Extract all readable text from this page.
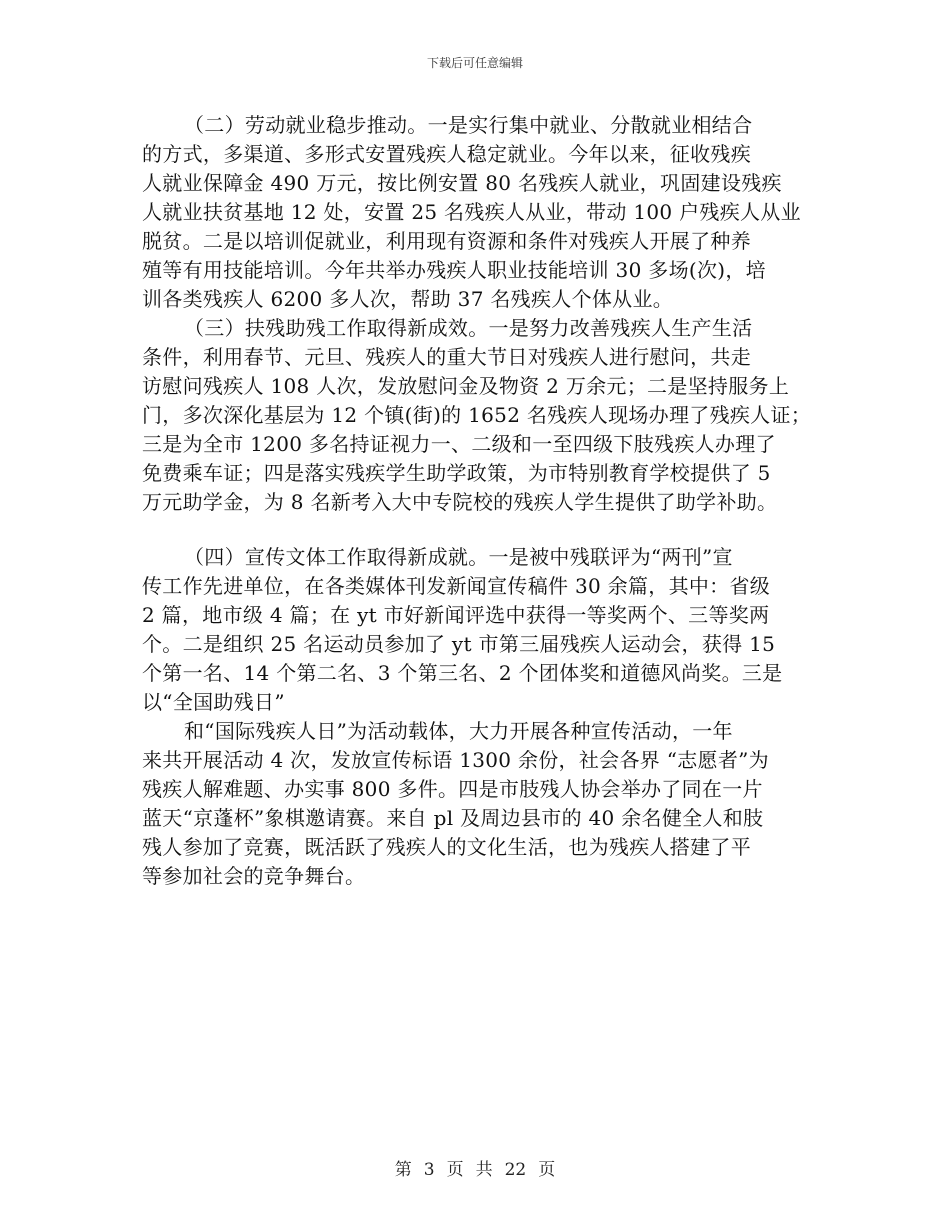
下载后可任意编辑
（二）劳动就业稳步推动。一是实行集中就业、分散就业相结合
的方式，多渠道、多形式安置残疾人稳定就业。今年以来，征收残疾
人就业保障金 490 万元，按比例安置 80 名残疾人就业，巩固建设残疾
人就业扶贫基地 12 处，安置 25 名残疾人从业，带动 100 户残疾人从业
脱贫。二是以培训促就业，利用现有资源和条件对残疾人开展了种养
殖等有用技能培训。今年共举办残疾人职业技能培训 30 多场(次)，培
训各类残疾人 6200 多人次，帮助 37 名残疾人个体从业。
（三）扶残助残工作取得新成效。一是努力改善残疾人生产生活
条件，利用春节、元旦、残疾人的重大节日对残疾人进行慰问，共走
访慰问残疾人 108 人次，发放慰问金及物资 2 万余元；二是坚持服务上
门，多次深化基层为 12 个镇(街)的 1652 名残疾人现场办理了残疾人证；
三是为全市 1200 多名持证视力一、二级和一至四级下肢残疾人办理了
免费乘车证；四是落实残疾学生助学政策，为市特别教育学校提供了 5
万元助学金，为 8 名新考入大中专院校的残疾人学生提供了助学补助。
（四）宣传文体工作取得新成就。一是被中残联评为“两刊”宣
传工作先进单位，在各类媒体刊发新闻宣传稿件 30 余篇，其中：省级
2 篇，地市级 4 篇；在 yt 市好新闻评选中获得一等奖两个、三等奖两
个。二是组织 25 名运动员参加了 yt 市第三届残疾人运动会，获得 15
个第一名、14 个第二名、3 个第三名、2 个团体奖和道德风尚奖。三是
以“全国助残日”
和“国际残疾人日”为活动载体，大力开展各种宣传活动，一年
来共开展活动 4 次，发放宣传标语 1300 余份，社会各界 “志愿者”为
残疾人解难题、办实事 800 多件。四是市肢残人协会举办了同在一片
蓝天“京蓬杯”象棋邀请赛。来自 pl 及周边县市的 40 余名健全人和肢
残人参加了竞赛，既活跃了残疾人的文化生活，也为残疾人搭建了平
等参加社会的竞争舞台。
第 3 页 共 22 页
